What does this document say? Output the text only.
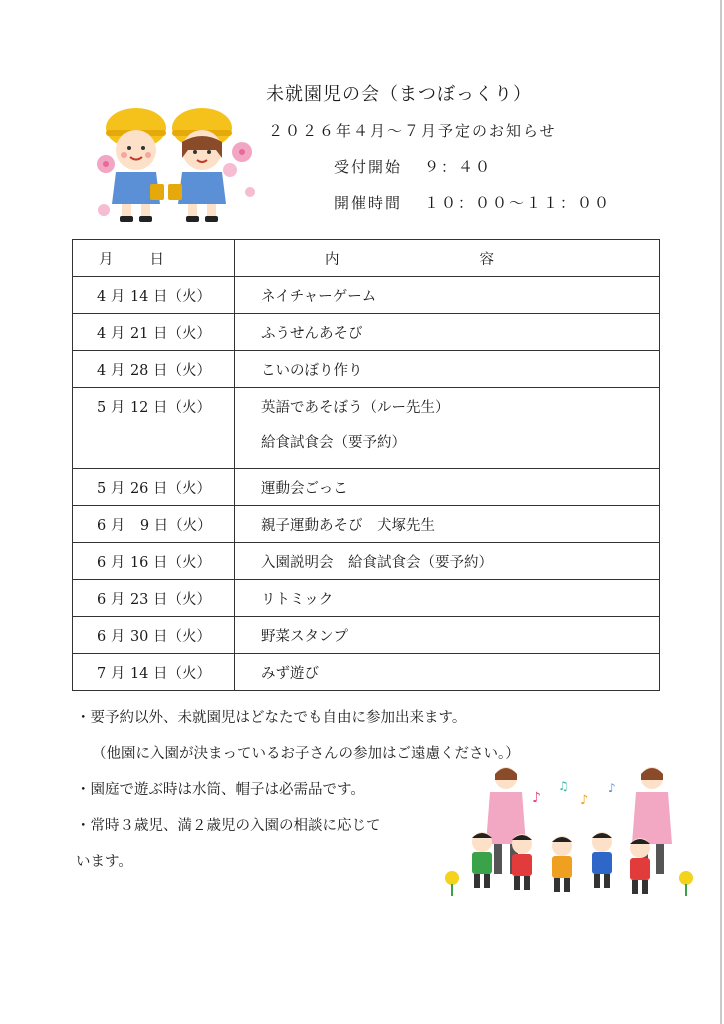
未就園児の会（まつぼっくり）
２０２６年４月〜７月予定のお知らせ
受付開始 ９：４０
開催時間 １０：００〜１１：００
月日	内容
4 月 14 日（火）	ネイチャーゲーム
4 月 21 日（火）	ふうせんあそび
4 月 28 日（火）	こいのぼり作り
5 月 12 日（火）	英語であそぼう（ルー先生）
給食試食会（要予約）

5 月 26 日（火）	運動会ごっこ
6 月　9 日（火）	親子運動あそび　犬塚先生
6 月 16 日（火）	入園説明会　給食試食会（要予約）
6 月 23 日（火）	リトミック
6 月 30 日（火）	野菜スタンプ
7 月 14 日（火）	みず遊び
・要予約以外、未就園児はどなたでも自由に参加出来ます。
（他園に入園が決まっているお子さんの参加はご遠慮ください。）
・園庭で遊ぶ時は水筒、帽子は必需品です。
・常時３歳児、満２歳児の入園の相談に応じて
います。
♪
♫
♪
♪
